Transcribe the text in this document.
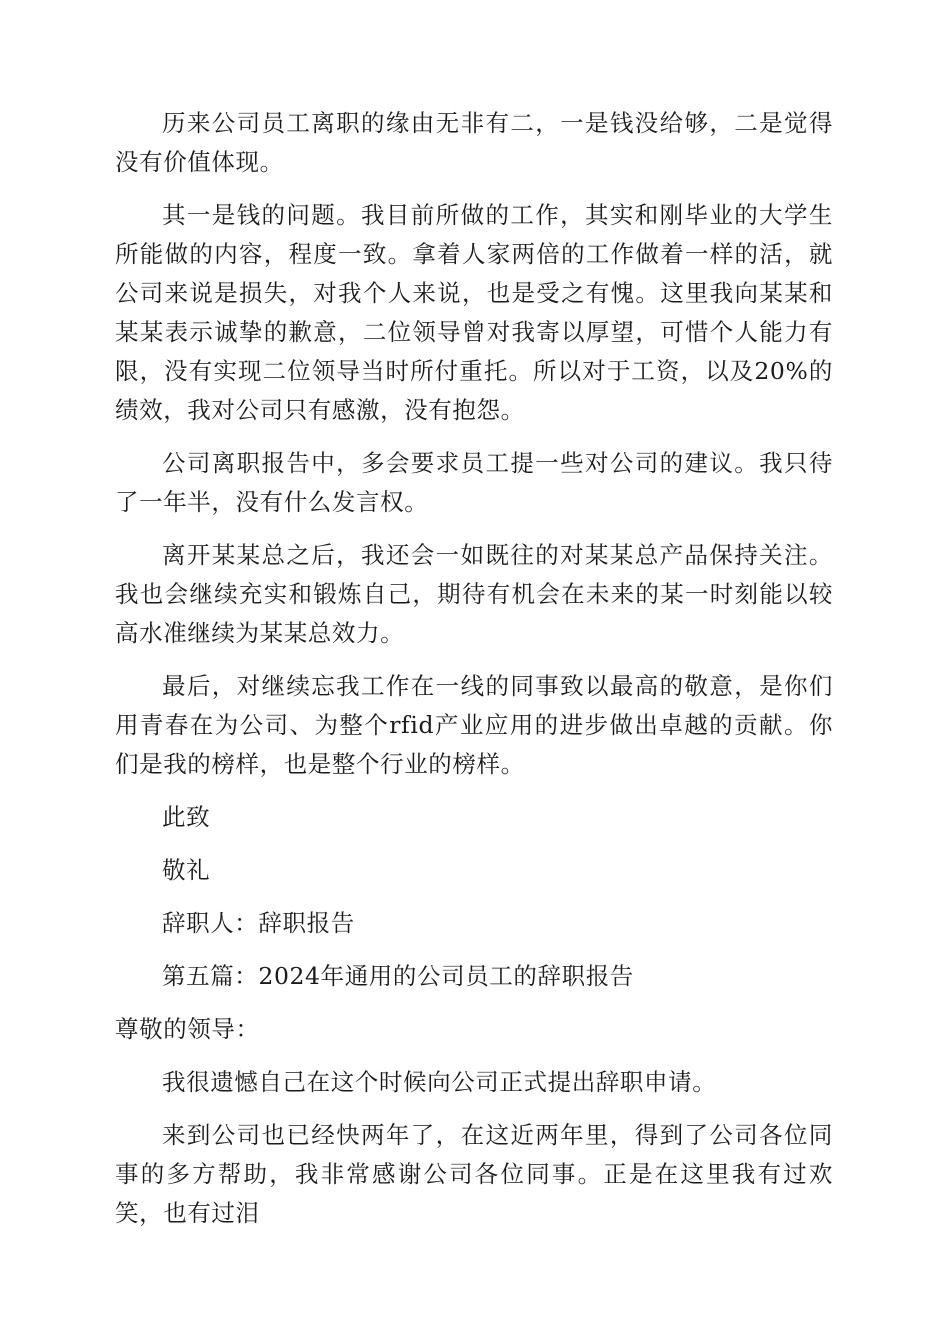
历来公司员工离职的缘由无非有二，一是钱没给够，二是觉得没有价值体现。

其一是钱的问题。我目前所做的工作，其实和刚毕业的大学生所能做的内容，程度一致。拿着人家两倍的工作做着一样的活，就公司来说是损失，对我个人来说，也是受之有愧。这里我向某某和某某表示诚挚的歉意，二位领导曾对我寄以厚望，可惜个人能力有限，没有实现二位领导当时所付重托。所以对于工资，以及20%的绩效，我对公司只有感激，没有抱怨。

公司离职报告中，多会要求员工提一些对公司的建议。我只待了一年半，没有什么发言权。

离开某某总之后，我还会一如既往的对某某总产品保持关注。我也会继续充实和锻炼自己，期待有机会在未来的某一时刻能以较高水准继续为某某总效力。

最后，对继续忘我工作在一线的同事致以最高的敬意，是你们用青春在为公司、为整个rfid产业应用的进步做出卓越的贡献。你们是我的榜样，也是整个行业的榜样。

此致

敬礼

辞职人：辞职报告

第五篇：2024年通用的公司员工的辞职报告

尊敬的领导：

我很遗憾自己在这个时候向公司正式提出辞职申请。

来到公司也已经快两年了，在这近两年里，得到了公司各位同事的多方帮助，我非常感谢公司各位同事。正是在这里我有过欢笑，也有过泪
